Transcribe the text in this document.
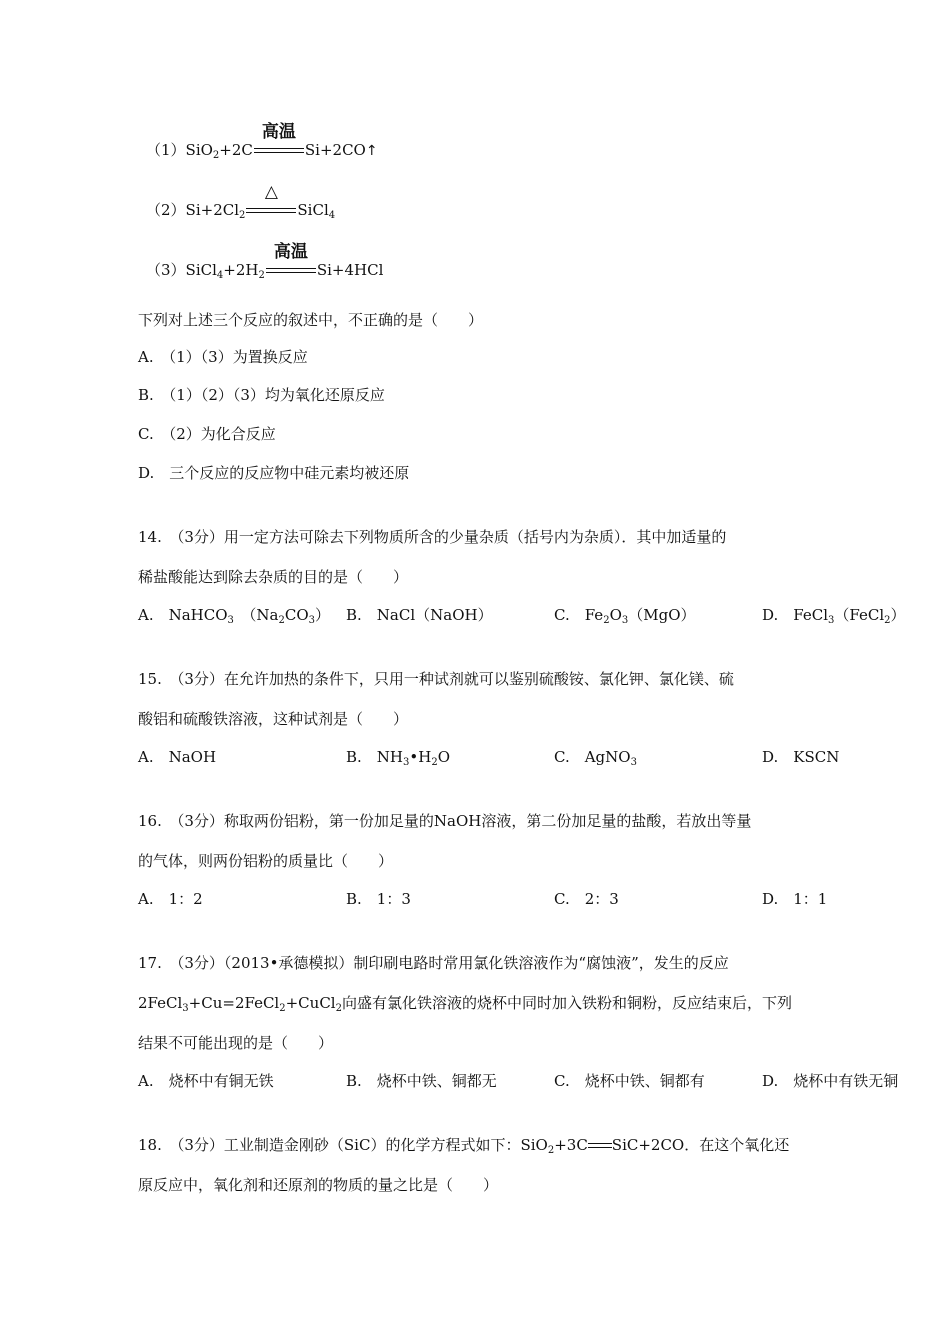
（1）SiO$_2$+2C
高温
Si+2CO↑
$(2)Si+2Cl_2$
△
SiCl$_4$
$(3)SiCl_4+2H_2$
高温
Si+4HCl
下列对上述三个反应的叙述中，不正确的是（　　）
A.　（1）（3）为置换反应
B.　（1）（2）（3）均为氧化还原反应
C.　（2）为化合反应
D.　三个反应的反应物中硅元素均被还原
14.　（3分）用一定方法可除去下列物质所含的少量杂质（括号内为杂质）．其中加适量的
稀盐酸能达到除去杂质的目的是（　　）
A.　NaHCO$_3$　$(Na_2CO_3)$ B.　NaCl（NaOH）	C.　$Fe_2O_3(MgO)$	D.　FeCl$_3$（FeCl$_2$）
15.　（3分）在允许加热的条件下，只用一种试剂就可以鉴别硫酸铵、氯化钾、氯化镁、硫
酸铝和硫酸铁溶液，这种试剂是（　　）
A.　NaOH	B.　$NH_3•H_2O$	C.　AgNO$_3$	D.　KSCN
16.　（3分）称取两份铝粉，第一份加足量的NaOH溶液，第二份加足量的盐酸，若放出等量
的气体，则两份铝粉的质量比（　　）
A.　1：2	B.　1：3	C.　2：3	D.　1：1
17.　（3分）（2013•承德模拟）制印刷电路时常用氯化铁溶液作为“腐蚀液”，发生的反应
2FeCl$_3$+Cu=2FeCl$_2$+CuCl$_2$向盛有氯化铁溶液的烧杯中同时加入铁粉和铜粉，反应结束后，下列
结果不可能出现的是（　　）
A.　烧杯中有铜无铁	B.　烧杯中铁、铜都无	C.　烧杯中铁、铜都有	D.　烧杯中有铁无铜
18.　（3分）工业制造金刚砂（SiC）的化学方程式如下：SiO$_2$+3C SiC+2CO．在这个氧化还
原反应中，氧化剂和还原剂的物质的量之比是（　　）
